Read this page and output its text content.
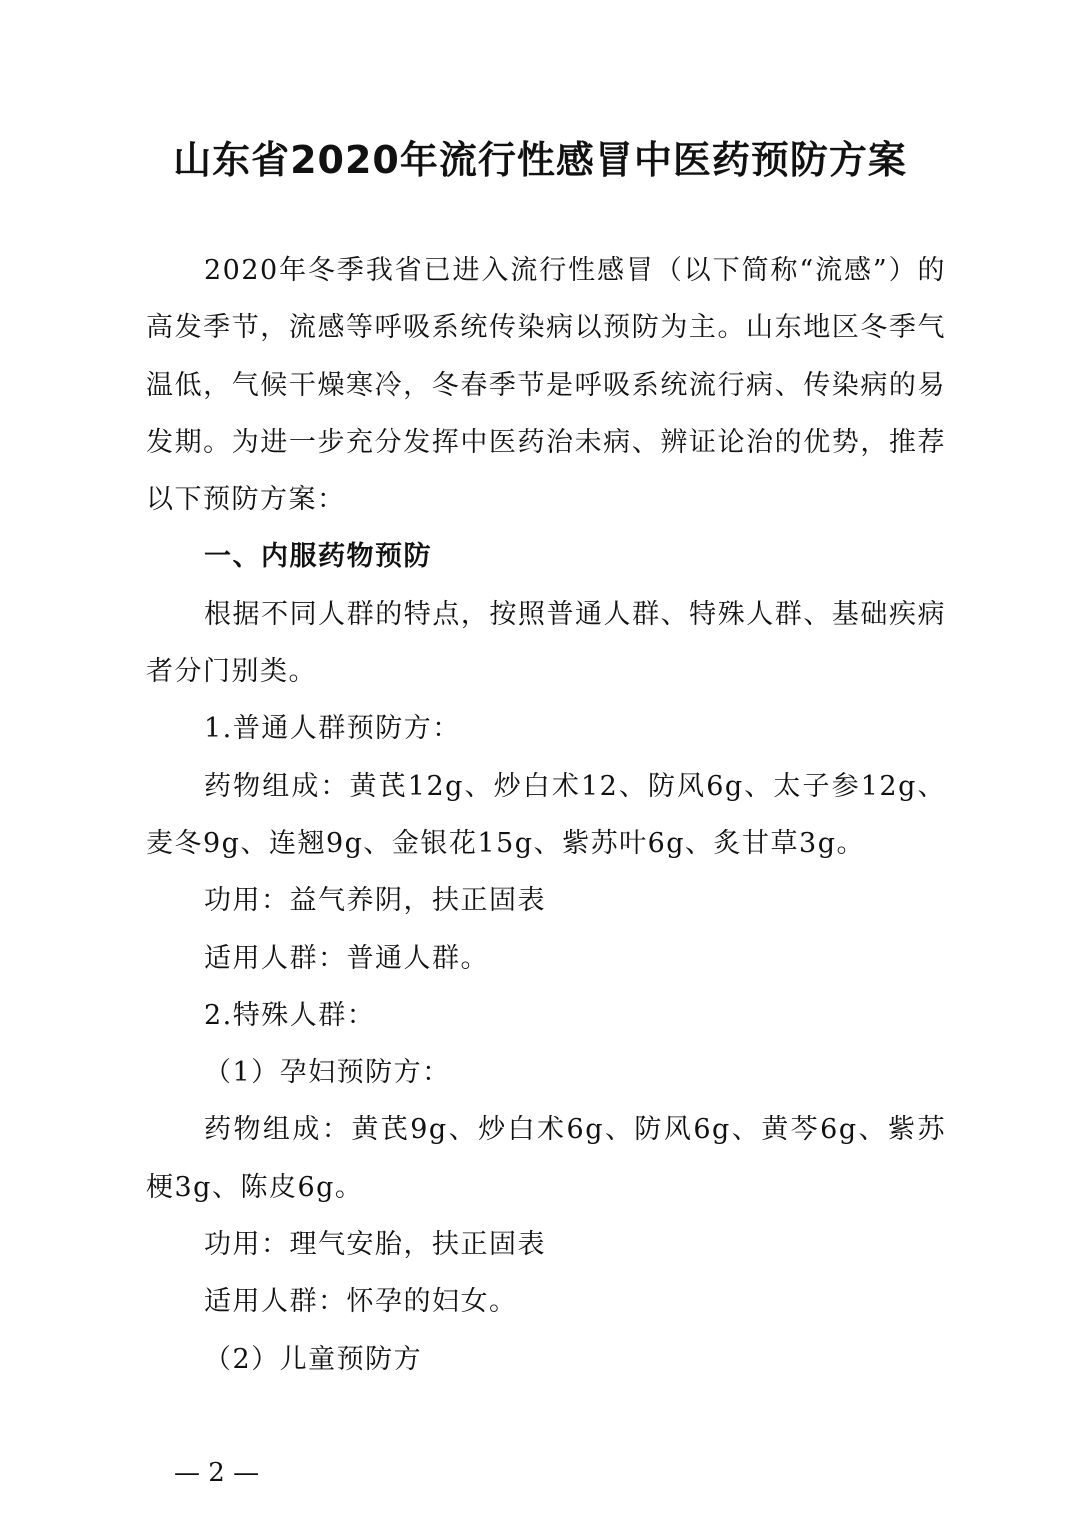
山东省2020年流行性感冒中医药预防方案

2020年冬季我省已进入流行性感冒（以下简称“流感”）的高发季节，流感等呼吸系统传染病以预防为主。山东地区冬季气温低，气候干燥寒冷，冬春季节是呼吸系统流行病、传染病的易发期。为进一步充分发挥中医药治未病、辨证论治的优势，推荐以下预防方案：

一、内服药物预防

根据不同人群的特点，按照普通人群、特殊人群、基础疾病者分门别类。

1.普通人群预防方：

药物组成：黄芪12g、炒白术12、防风6g、太子参12g、麦冬9g、连翘9g、金银花15g、紫苏叶6g、炙甘草3g。

功用：益气养阴，扶正固表

适用人群：普通人群。

2.特殊人群：

（1）孕妇预防方：

药物组成：黄芪9g、炒白术6g、防风6g、黄芩6g、紫苏梗3g、陈皮6g。

功用：理气安胎，扶正固表

适用人群：怀孕的妇女。

（2）儿童预防方

— 2 —
